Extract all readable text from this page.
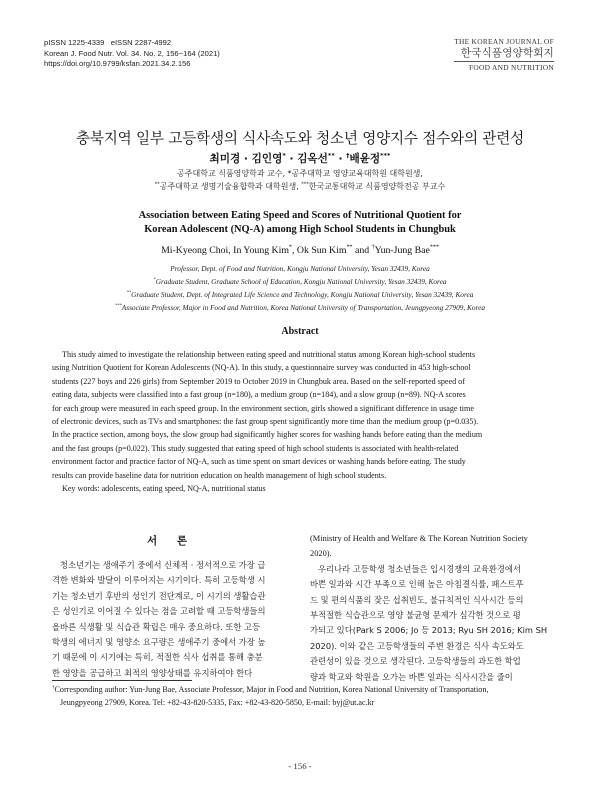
pISSN 1225-4339 eISSN 2287-4992
Korean J. Food Nutr. Vol. 34. No. 2, 156~164 (2021)
https://doi.org/10.9799/ksfan.2021.34.2.156
THE KOREAN JOURNAL OF
한국식품영양학회지
FOOD AND NUTRITION
충북지역 일부 고등학생의 식사속도와 청소년 영양지수 점수와의 관련성
최미경 · 김인영* · 김옥선** · †배윤정***
공주대학교 식품영양학과 교수, *공주대학교 영양교육대학원 대학원생,
**공주대학교 생명기술융합학과 대학원생, ***한국교통대학교 식품영양학전공 부교수
Association between Eating Speed and Scores of Nutritional Quotient for
Korean Adolescent (NQ-A) among High School Students in Chungbuk
Mi-Kyeong Choi, In Young Kim*, Ok Sun Kim** and †Yun-Jung Bae***
Professor, Dept. of Food and Nutrition, Kongju National University, Yesan 32439, Korea
*Graduate Student, Graduate School of Education, Kongju National University, Yesan 32439, Korea
**Graduate Student, Dept. of Integrated Life Science and Technology, Kongju National University, Yesan 32439, Korea
***Associate Professor, Major in Food and Nutrition, Korea National University of Transportation, Jeungpyeong 27909, Korea
Abstract
This study aimed to investigate the relationship between eating speed and nutritional status among Korean high-school students
using Nutrition Quotient for Korean Adolescents (NQ-A). In this study, a questionnaire survey was conducted in 453 high-school
students (227 boys and 226 girls) from September 2019 to October 2019 in Chungbuk area. Based on the self-reported speed of
eating data, subjects were classified into a fast group (n=180), a medium group (n=184), and a slow group (n=89). NQ-A scores
for each group were measured in each speed group. In the environment section, girls showed a significant difference in usage time
of electronic devices, such as TVs and smartphones: the fast group spent significantly more time than the medium group (p=0.035).
In the practice section, among boys, the slow group had significantly higher scores for washing hands before eating than the medium
and the fast groups (p=0.022). This study suggested that eating speed of high school students is associated with health-related
environment factor and practice factor of NQ-A, such as time spent on smart devices or washing hands before eating. The study
results can provide baseline data for nutrition education on health management of high school students.
Key words: adolescents, eating speed, NQ-A, nutritional status
서 론
청소년기는 생애주기 중에서 신체적 · 정서적으로 가장 급
격한 변화와 발달이 이루어지는 시기이다. 특히 고등학생 시
기는 청소년기 후반의 성인기 전단계로, 이 시기의 생활습관
은 성인기로 이어질 수 있다는 점을 고려할 때 고등학생들의
올바른 식생활 및 식습관 확립은 매우 중요하다. 또한 고등
학생의 에너지 및 영양소 요구량은 생애주기 중에서 가장 높
기 때문에 이 시기에는 특히, 적절한 식사 섭취를 통해 충분
한 영양을 공급하고 최적의 영양상태를 유지하여야 한다
(Ministry of Health and Welfare & The Korean Nutrition Society
2020).
우리나라 고등학생 청소년들은 입시경쟁의 교육환경에서
바쁜 일과와 시간 부족으로 인해 높은 아침결식률, 패스트푸
드 및 편의식품의 잦은 섭취빈도, 불규칙적인 식사시간 등의
부적절한 식습관으로 영양 불균형 문제가 심각한 것으로 평
가되고 있다(Park S 2006; Jo 등 2013; Ryu SH 2016; Kim SH
2020). 이와 같은 고등학생들의 주변 환경은 식사 속도와도
관련성이 있을 것으로 생각된다. 고등학생들의 과도한 학업
량과 학교와 학원을 오가는 바쁜 일과는 식사시간을 줄이
†Corresponding author: Yun-Jung Bae, Associate Professor, Major in Food and Nutrition, Korea National University of Transportation,
Jeungpyeong 27909, Korea. Tel: +82-43-820-5335, Fax: +82-43-820-5850, E-mail: byj@ut.ac.kr
- 156 -
